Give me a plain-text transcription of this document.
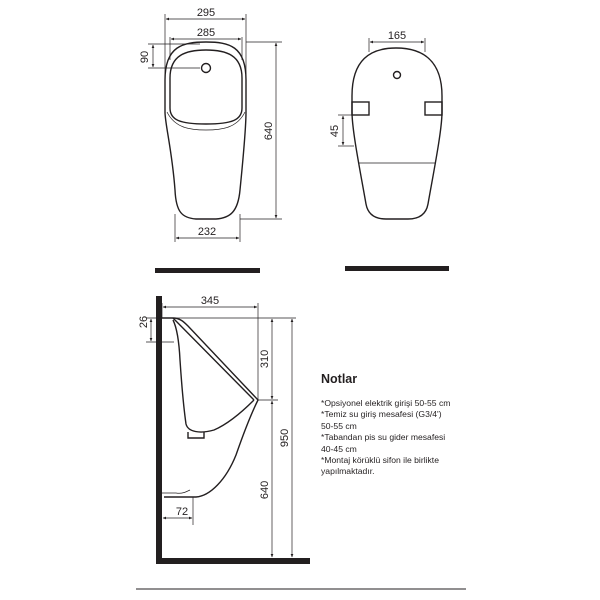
295
285
90
640
232
165
45
345
26
310
640
950
72
Notlar
*Opsiyonel elektrik girişi 50-55 cm
*Temiz su giriş mesafesi (G3/4')
50-55 cm
*Tabandan pis su gider mesafesi
40-45 cm
*Montaj körüklü sifon ile birlikte
yapılmaktadır.
